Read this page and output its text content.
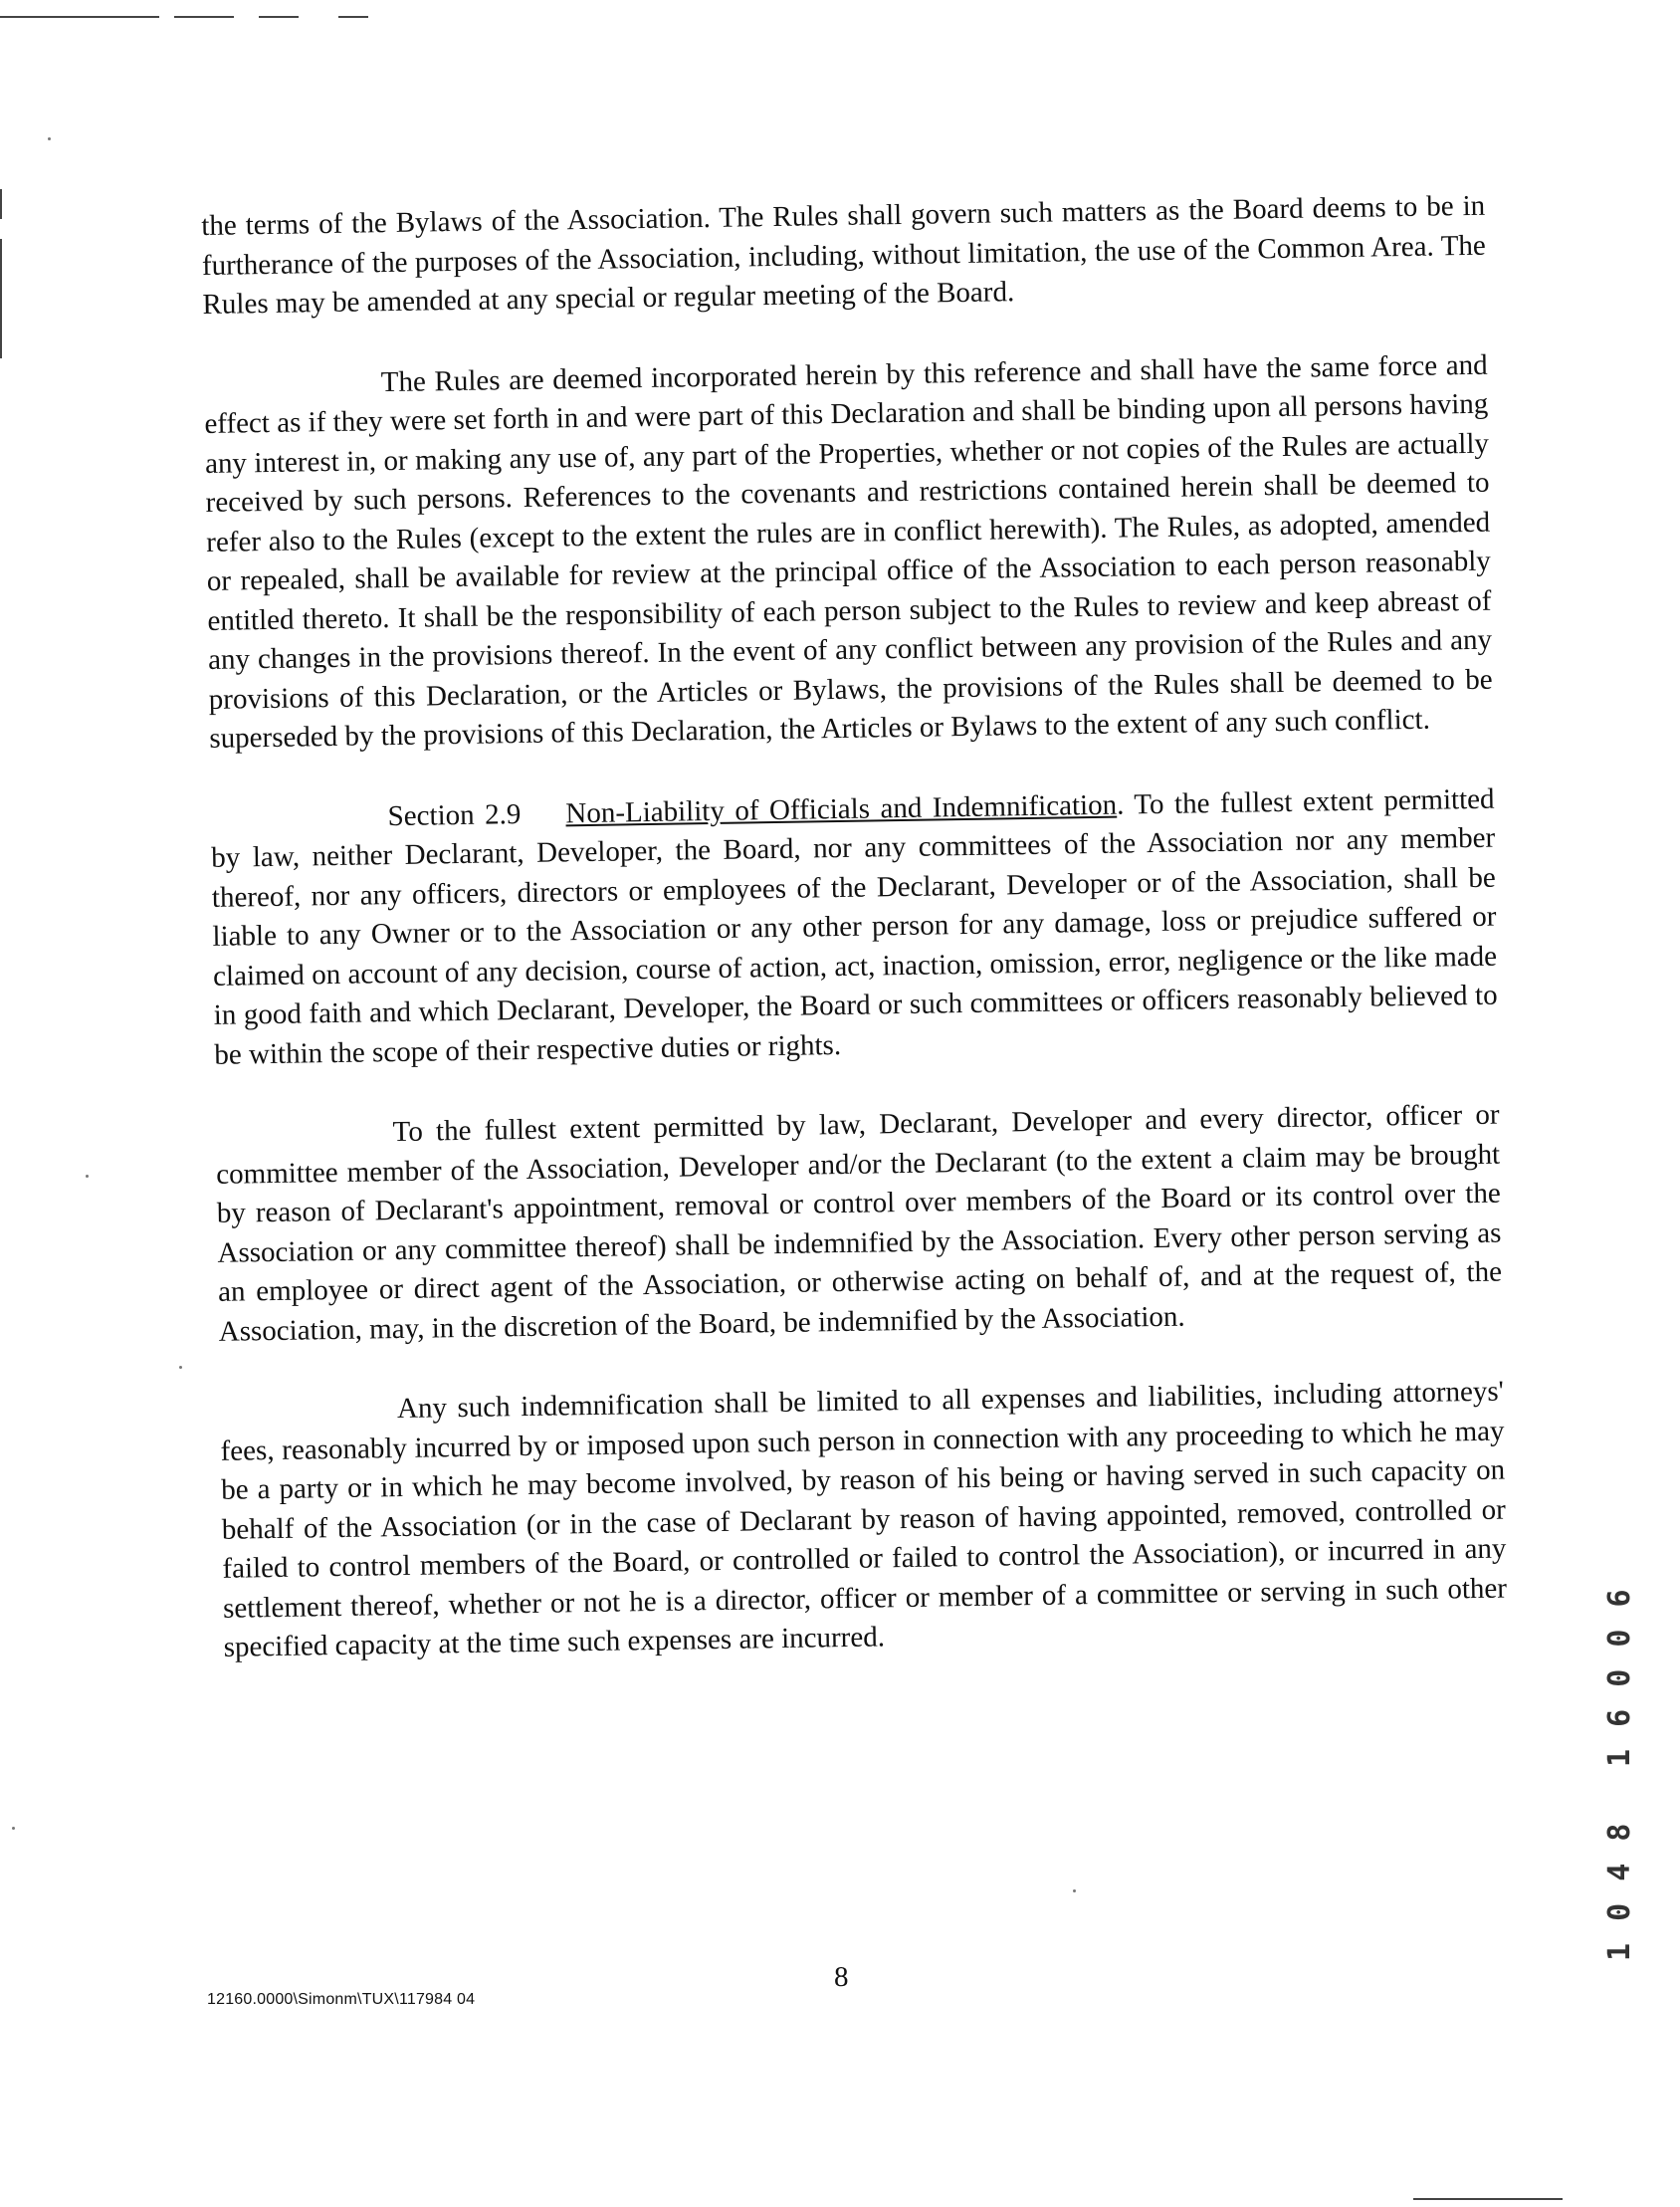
the terms of the Bylaws of the Association. The Rules shall govern such matters as the Board deems to be in furtherance of the purposes of the Association, including, without limitation, the use of the Common Area. The Rules may be amended at any special or regular meeting of the Board.

The Rules are deemed incorporated herein by this reference and shall have the same force and effect as if they were set forth in and were part of this Declaration and shall be binding upon all persons having any interest in, or making any use of, any part of the Properties, whether or not copies of the Rules are actually received by such persons. References to the covenants and restrictions contained herein shall be deemed to refer also to the Rules (except to the extent the rules are in conflict herewith). The Rules, as adopted, amended or repealed, shall be available for review at the principal office of the Association to each person reasonably entitled thereto. It shall be the responsibility of each person subject to the Rules to review and keep abreast of any changes in the provisions thereof. In the event of any conflict between any provision of the Rules and any provisions of this Declaration, or the Articles or Bylaws, the provisions of the Rules shall be deemed to be superseded by the provisions of this Declaration, the Articles or Bylaws to the extent of any such conflict.

Section 2.9 Non-Liability of Officials and Indemnification. To the fullest extent permitted by law, neither Declarant, Developer, the Board, nor any committees of the Association nor any member thereof, nor any officers, directors or employees of the Declarant, Developer or of the Association, shall be liable to any Owner or to the Association or any other person for any damage, loss or prejudice suffered or claimed on account of any decision, course of action, act, inaction, omission, error, negligence or the like made in good faith and which Declarant, Developer, the Board or such committees or officers reasonably believed to be within the scope of their respective duties or rights.

To the fullest extent permitted by law, Declarant, Developer and every director, officer or committee member of the Association, Developer and/or the Declarant (to the extent a claim may be brought by reason of Declarant's appointment, removal or control over members of the Board or its control over the Association or any committee thereof) shall be indemnified by the Association. Every other person serving as an employee or direct agent of the Association, or otherwise acting on behalf of, and at the request of, the Association, may, in the discretion of the Board, be indemnified by the Association.

Any such indemnification shall be limited to all expenses and liabilities, including attorneys' fees, reasonably incurred by or imposed upon such person in connection with any proceeding to which he may be a party or in which he may become involved, by reason of his being or having served in such capacity on behalf of the Association (or in the case of Declarant by reason of having appointed, removed, controlled or failed to control members of the Board, or controlled or failed to control the Association), or incurred in any settlement thereof, whether or not he is a director, officer or member of a committee or serving in such other specified capacity at the time such expenses are incurred.

8
12160.0000\Simonm\TUX\117984 04
1 6 0 0 6
1 0 4 8
